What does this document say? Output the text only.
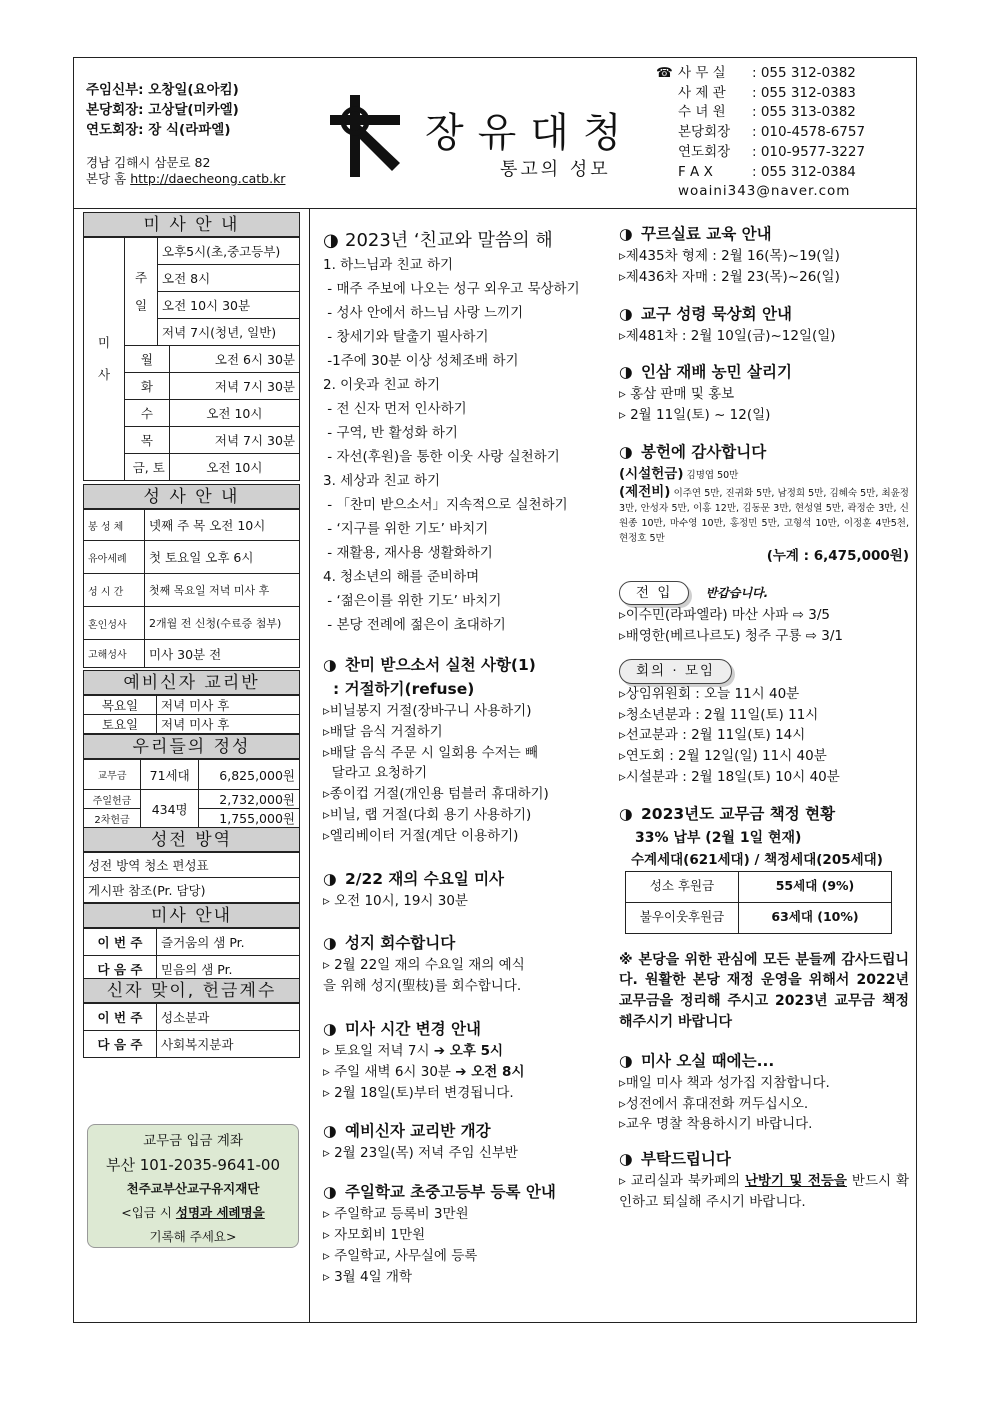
주임신부: 오창일(요아킴)
본당회장: 고상달(미카엘)
연도회장: 장 식(라파엘)
경남 김해시 삼문로 82
본당 홈 http://daecheong.catb.kr
장유대청
통고의 성모
☎ 사 무 실 : 055 312-0382
사 제 관 : 055 312-0383
수 녀 원 : 055 313-0382
본당회장 : 010-4578-6757
연도회장 : 010-9577-3227
F A X	: 055 312-0384
woaini343@naver.com
미 사 안 내
미

사	주

일	오후5시(초,중고등부)	
		오전 8시	
		오전 10시 30분	
		저녁 7시(청년, 일반)	
	월		오전 6시 30분
	화		저녁 7시 30분
	수		오전 10시
	목		저녁 7시 30분
	금, 토		오전 10시
성 사 안 내
봉 성 체	넷째 주 목 오전 10시
유아세례	첫 토요일 오후 6시
성 시 간	첫째 목요일 저녁 미사 후
혼인성사	2개월 전 신청(수료증 첨부)
고해성사	미사 30분 전
예비신자 교리반
목요일	저녁 미사 후
토요일	저녁 미사 후
우리들의 정성
교무금	71세대	6,825,000원
주일헌금	434명	2,732,000원
2차헌금		1,755,000원
성전 방역
성전 방역 청소 편성표
게시판 참조(Pr. 담당)
미사 안내
이 번 주	즐거움의 샘 Pr.
다 음 주	믿음의 샘 Pr.
신자 맞이, 헌금계수
이 번 주	성소분과
다 음 주	사회복지분과
교무금 입금 계좌
부산 101-2035-9641-00
천주교부산교구유지재단
<입금 시 성명과 세례명을
기록해 주세요>
◑ 2023년 ‘친교와 말씀의 해
1. 하느님과 친교 하기
- 매주 주보에 나오는 성구 외우고 묵상하기
- 성사 안에서 하느님 사랑 느끼기
- 창세기와 탈출기 필사하기
-1주에 30분 이상 성체조배 하기
2. 이웃과 친교 하기
- 전 신자 먼저 인사하기
- 구역, 반 활성화 하기
- 자선(후원)을 통한 이웃 사랑 실천하기
3. 세상과 친교 하기
- 「찬미 받으소서」지속적으로 실천하기
- ‘지구를 위한 기도’ 바치기
- 재활용, 재사용 생활화하기
4. 청소년의 해를 준비하며
- ‘젊은이를 위한 기도’ 바치기
- 본당 전례에 젊은이 초대하기
◑ 찬미 받으소서 실천 사항(1)
: 거절하기(refuse)
▹비닐봉지 거절(장바구니 사용하기)
▹배달 음식 거절하기
▹배달 음식 주문 시 일회용 수저는 빼
달라고 요청하기
▹종이컵 거절(개인용 텀블러 휴대하기)
▹비닐, 랩 거절(다회 용기 사용하기)
▹엘리베이터 거절(계단 이용하기)
◑ 2/22 재의 수요일 미사
▹ 오전 10시, 19시 30분
◑ 성지 회수합니다
▹ 2월 22일 재의 수요일 재의 예식
을 위해 성지(聖枝)를 회수합니다.
◑ 미사 시간 변경 안내
▹ 토요일 저녁 7시 ➔ 오후 5시
▹ 주일 새벽 6시 30분 ➔ 오전 8시
▹ 2월 18일(토)부터 변경됩니다.
◑ 예비신자 교리반 개강
▹ 2월 23일(목) 저녁 주임 신부반
◑ 주일학교 초중고등부 등록 안내
▹ 주일학교 등록비 3만원
▹ 자모회비 1만원
▹ 주일학교, 사무실에 등록
▹ 3월 4일 개학
◑ 꾸르실료 교육 안내
▹제435차 형제 : 2월 16(목)~19(일)
▹제436차 자매 : 2월 23(목)~26(일)
◑ 교구 성령 묵상회 안내
▹제481차 : 2월 10일(금)~12일(일)
◑ 인삼 재배 농민 살리기
▹ 홍삼 판매 및 홍보
▹ 2월 11일(토) ~ 12(일)
◑ 봉헌에 감사합니다
(시설헌금) 김명엽 50만
(제전비) 이주연 5만, 진귀화 5만, 남정희 5만, 김혜숙 5만, 최윤정 3만, 안성자 5만, 이홍 12만, 김동문 3만, 현성열 5만, 곽정순 3만, 신원종 10만, 마수영 10만, 홍정민 5만, 고형석 10만, 이정훈 4만5천, 현정호 5만
(누계 : 6,475,000원)
전 입	반갑습니다.
▹이수민(라파엘라) 마산 사파 ⇨ 3/5
▹배영한(베르나르도) 청주 구룡 ⇨ 3/1
회의 · 모임
▹상임위원회 : 오늘 11시 40분
▹청소년분과 : 2월 11일(토) 11시
▹선교분과 : 2월 11일(토) 14시
▹연도회 : 2월 12일(일) 11시 40분
▹시설분과 : 2월 18일(토) 10시 40분
◑ 2023년도 교무금 책정 현황
33% 납부 (2월 1일 현재)
수계세대(621세대) / 책정세대(205세대)
성소 후원금	55세대 (9%)
불우이웃후원금	63세대 (10%)
※ 본당을 위한 관심에 모든 분들께 감사드립니다. 원활한 본당 재정 운영을 위해서 2022년 교무금을 정리해 주시고 2023년 교무금 책정해주시기 바랍니다
◑ 미사 오실 때에는...
▹매일 미사 책과 성가집 지참합니다.
▹성전에서 휴대전화 꺼두십시오.
▹교우 명찰 착용하시기 바랍니다.
◑ 부탁드립니다
▹ 교리실과 북카페의 난방기 및 전등을 반드시 확인하고 퇴실해 주시기 바랍니다.
